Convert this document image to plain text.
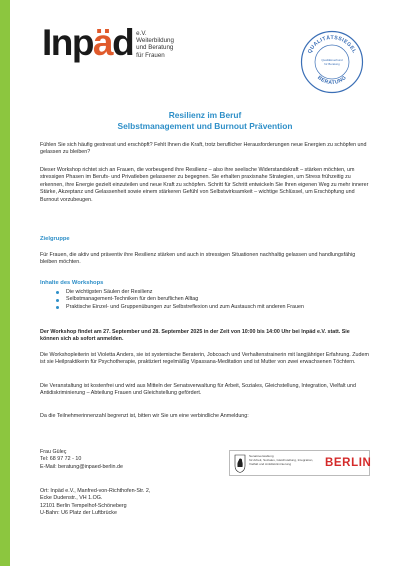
Inpäd e.V.
Weiterbildung
und Beratung
für Frauen
QUALITÄTSSIEGEL
BERATUNG
Qualitätsverbund
für Beratung
Resilienz im Beruf
Selbstmanagement und Burnout Prävention
Fühlen Sie sich häufig gestresst und erschöpft? Fehlt Ihnen die Kraft, trotz beruflicher Herausforderungen neue Energien zu schöpfen und gelassen zu bleiben?
Dieser Workshop richtet sich an Frauen, die vorbeugend ihre Resilienz – also ihre seelische Widerstandskraft – stärken möchten, um stressigen Phasen im Berufs- und Privatleben gelassener zu begegnen. Sie erhalten praxisnahe Strategien, um Stress frühzeitig zu erkennen, ihre Energie gezielt einzuteilen und neue Kraft zu schöpfen. Schritt für Schritt entwickeln Sie Ihren eigenen Weg zu mehr innerer Stärke, Akzeptanz und Gelassenheit sowie einem stärkeren Gefühl von Selbstwirksamkeit – wichtige Schlüssel, um Erschöpfung und Burnout vorzubeugen.
Zielgruppe
Für Frauen, die aktiv und präventiv ihre Resilienz stärken und auch in stressigen Situationen nachhaltig gelassen und handlungsfähig bleiben möchten.
Inhalte des Workshops
Die wichtigsten Säulen der Resilienz
Selbstmanagement-Techniken für den beruflichen Alltag
Praktische Einzel- und Gruppenübungen zur Selbstreflexion und zum Austausch mit anderen Frauen
Der Workshop findet am 27. September und 28. September 2025 in der Zeit von 10:00 bis 14:00 Uhr bei Inpäd e.V. statt. Sie können sich ab sofort anmelden.
Die Workshopleiterin ist Violetta Anders, sie ist systemische Beraterin, Jobcoach und Verhaltenstrainerin mit langjähriger Erfahrung. Zudem ist sie Heilpraktikerin für Psychotherapie, praktiziert regelmäßig Vipassana-Meditation und ist Mutter von zwei erwachsenen Töchtern.
Die Veranstaltung ist kostenfrei und wird aus Mitteln der Senatsverwaltung für Arbeit, Soziales, Gleichstellung, Integration, Vielfalt und Antidiskriminierung – Abteilung Frauen und Gleichstellung gefördert.
Da die Teilnehmerinnenzahl begrenzt ist, bitten wir Sie um eine verbindliche Anmeldung:
Frau Güleç
Tel: 68 97 72 - 10
E-Mail: beratung@inpaed-berlin.de
Ort: Inpäd e.V., Manfred-von-Richthofen-Str. 2,
Ecke Dudenstr., VH 1.OG.
12101 Berlin Tempelhof-Schöneberg
U-Bahn: U6 Platz der Luftbrücke
Senatsverwaltung
für Arbeit, Soziales, Gleichstellung, Integration,
Vielfalt und Antidiskriminierung	BERLIN
